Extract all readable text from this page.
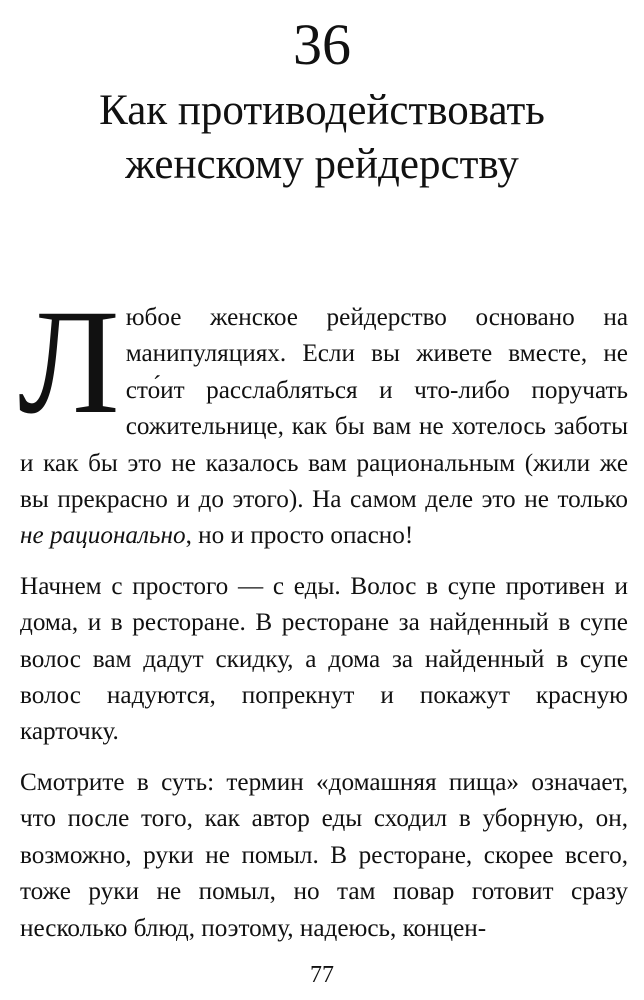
36
Как противодействовать
женскому рейдерству

Любое женское рейдерство основано на манипуляциях. Если вы живете вместе, не сто́ит расслабляться и что-либо поручать сожительнице, как бы вам не хотелось заботы и как бы это не казалось вам рациональным (жили же вы прекрасно и до этого). На самом деле это не только не рационально, но и просто опасно!

Начнем с простого — с еды. Волос в супе противен и дома, и в ресторане. В ресторане за найденный в супе волос вам дадут скидку, а дома за найденный в супе волос надуются, попрекнут и покажут красную карточку.

Смотрите в суть: термин «домашняя пища» означает, что после того, как автор еды сходил в уборную, он, возможно, руки не помыл. В ресторане, скорее всего, тоже руки не помыл, но там повар готовит сразу несколько блюд, поэтому, надеюсь, концен-

77
